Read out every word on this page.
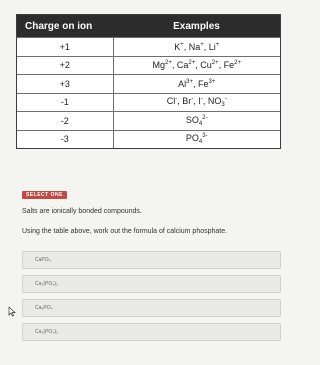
Charge on ion	Examples
+1	K+, Na+, Li+
+2	$Mg^{2+}$, $Ca^{2+}$, $Cu^{2+}$, $Fe^{2+}$
+3	$Al^{3+}$, $Fe^{3+}$
-1	Cl-, Br-, I-, $NO_3^-$
-2	$SO_4^{2-}$
-3	$PO_4^{3-}$
SELECT ONE
Salts are ionically bonded compounds.
Using the table above, work out the formula of calcium phosphate.
CaPO₄
Ca₂(PO₄)₂
Ca₃PO₄
Ca₃(PO₄)₂
